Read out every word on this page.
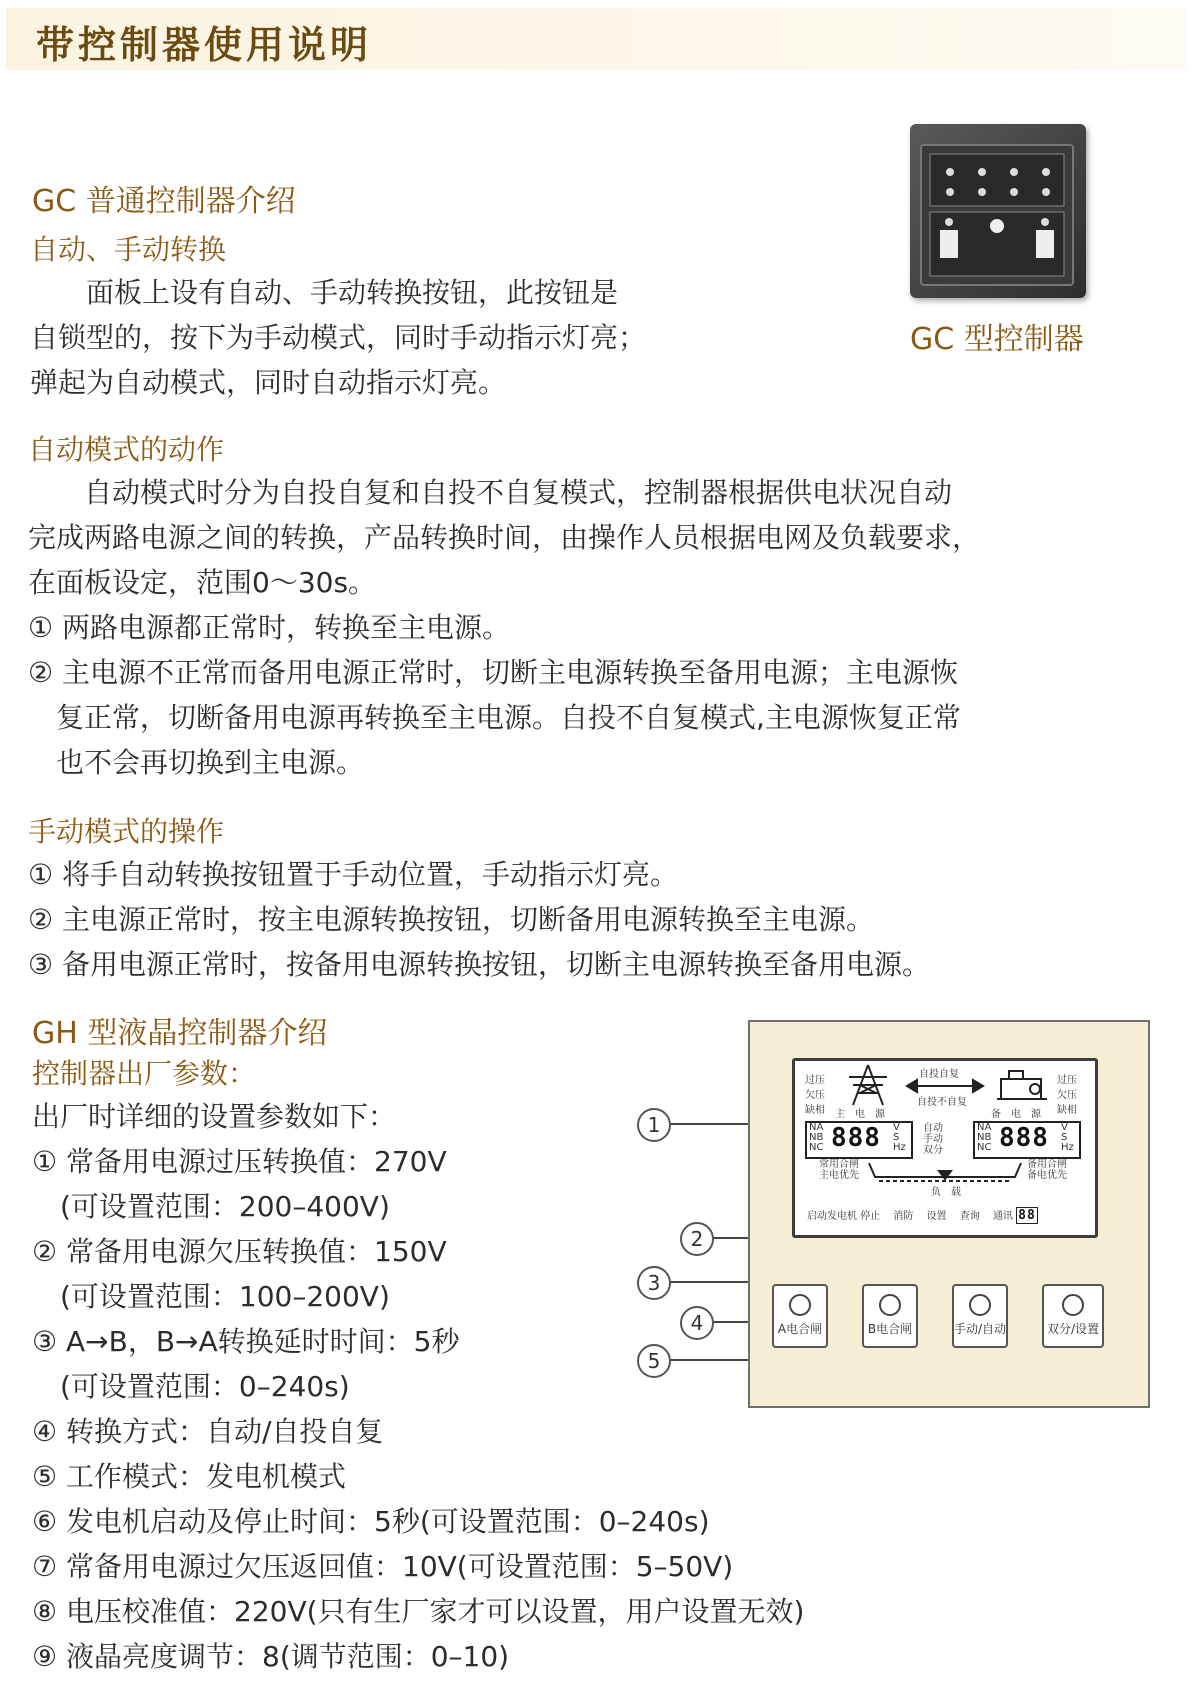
带控制器使用说明
GC 普通控制器介绍
自动、手动转换
　　面板上设有自动、手动转换按钮，此按钮是
自锁型的，按下为手动模式，同时手动指示灯亮；
弹起为自动模式，同时自动指示灯亮。
GC 型控制器
自动模式的动作
　　自动模式时分为自投自复和自投不自复模式，控制器根据供电状况自动
完成两路电源之间的转换，产品转换时间，由操作人员根据电网及负载要求，
在面板设定，范围0～30s。
① 两路电源都正常时，转换至主电源。
② 主电源不正常而备用电源正常时，切断主电源转换至备用电源；主电源恢
　复正常，切断备用电源再转换至主电源。自投不自复模式,主电源恢复正常
　也不会再切换到主电源。
手动模式的操作
① 将手自动转换按钮置于手动位置，手动指示灯亮。
② 主电源正常时，按主电源转换按钮，切断备用电源转换至主电源。
③ 备用电源正常时，按备用电源转换按钮，切断主电源转换至备用电源。
GH 型液晶控制器介绍
控制器出厂参数：
出厂时详细的设置参数如下：
① 常备用电源过压转换值：270V
　(可设置范围：200–400V)
② 常备用电源欠压转换值：150V
　(可设置范围：100–200V)
③ A→B，B→A转换延时时间：5秒
　(可设置范围：0–240s)
④ 转换方式：自动/自投自复
⑤ 工作模式：发电机模式
⑥ 发电机启动及停止时间：5秒(可设置范围：0–240s)
⑦ 常备用电源过欠压返回值：10V(可设置范围：5–50V)
⑧ 电压校准值：220V(只有生厂家才可以设置，用户设置无效)
⑨ 液晶亮度调节：8(调节范围：0–10)
1
2
3
4
5
过压
欠压
缺相
过压
欠压
缺相
主　电　源
自投自复
自投不自复
备　电　源
NA
NB
NC 888 V
S
Hz
自动
手动
双分
NA
NB
NC 888 V
S
Hz
常用合闸
主电优先
备用合闸
备电优先
负　载
启动发电机 停止 消防 设置 查询 通讯 88
A电合闸	B电合闸	手动/自动	双分/设置
